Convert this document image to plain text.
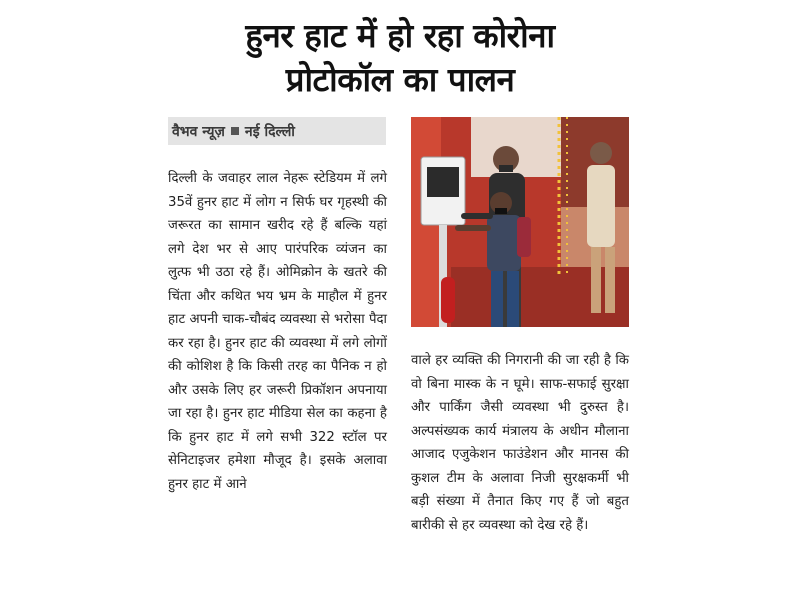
हुनर हाट में हो रहा कोरोना
प्रोटोकॉल का पालन
वैभव न्यूज़ नई दिल्ली

दिल्ली के जवाहर लाल नेहरू स्टेडियम में लगे 35वें हुनर हाट में लोग न सिर्फ घर गृहस्थी की जरूरत का सामान खरीद रहे हैं बल्कि यहां लगे देश भर से आए पारंपरिक व्यंजन का लुत्फ भी उठा रहे हैं। ओमिक्रोन के खतरे की चिंता और कथित भय भ्रम के माहौल में हुनर हाट अपनी चाक-चौबंद व्यवस्था से भरोसा पैदा कर रहा है। हुनर हाट की व्यवस्था में लगे लोगों की कोशिश है कि किसी तरह का पैनिक न हो और उसके लिए हर जरूरी प्रिकॉशन अपनाया जा रहा है। हुनर हाट मीडिया सेल का कहना है कि हुनर हाट में लगे सभी 322 स्टॉल पर सेनिटाइजर हमेशा मौजूद है। इसके अलावा हुनर हाट में आने

वाले हर व्यक्ति की निगरानी की जा रही है कि वो बिना मास्क के न घूमे। साफ-सफाई सुरक्षा और पार्किंग जैसी व्यवस्था भी दुरुस्त है। अल्पसंख्यक कार्य मंत्रालय के अधीन मौलाना आजाद एजुकेशन फाउंडेशन और मानस की कुशल टीम के अलावा निजी सुरक्षकर्मी भी बड़ी संख्या में तैनात किए गए हैं जो बहुत बारीकी से हर व्यवस्था को देख रहे हैं।
